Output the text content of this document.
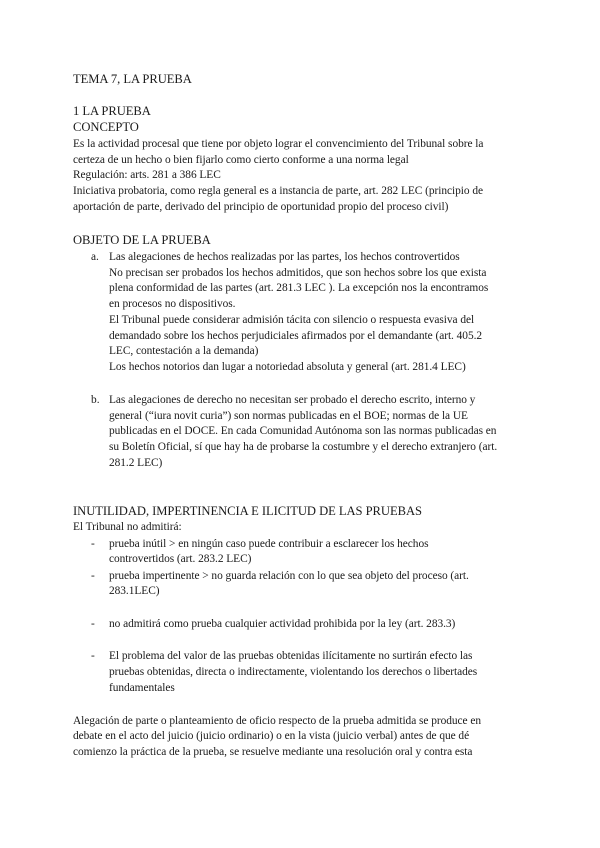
TEMA 7, LA PRUEBA
1 LA PRUEBA
CONCEPTO
Es la actividad procesal que tiene por objeto lograr el convencimiento del Tribunal sobre la
certeza de un hecho o bien fijarlo como cierto conforme a una norma legal
Regulación: arts. 281 a 386 LEC
Iniciativa probatoria, como regla general es a instancia de parte, art. 282 LEC (principio de
aportación de parte, derivado del principio de oportunidad propio del proceso civil)
OBJETO DE LA PRUEBA
a. Las alegaciones de hechos realizadas por las partes, los hechos controvertidos
No precisan ser probados los hechos admitidos, que son hechos sobre los que exista
plena conformidad de las partes (art. 281.3 LEC ). La excepción nos la encontramos
en procesos no dispositivos.
El Tribunal puede considerar admisión tácita con silencio o respuesta evasiva del
demandado sobre los hechos perjudiciales afirmados por el demandante (art. 405.2
LEC, contestación a la demanda)
Los hechos notorios dan lugar a notoriedad absoluta y general (art. 281.4 LEC)
b. Las alegaciones de derecho no necesitan ser probado el derecho escrito, interno y
general (“iura novit curia”) son normas publicadas en el BOE; normas de la UE
publicadas en el DOCE. En cada Comunidad Autónoma son las normas publicadas en
su Boletín Oficial, sí que hay ha de probarse la costumbre y el derecho extranjero (art.
281.2 LEC)
INUTILIDAD, IMPERTINENCIA E ILICITUD DE LAS PRUEBAS
El Tribunal no admitirá:
- prueba inútil > en ningún caso puede contribuir a esclarecer los hechos
controvertidos (art. 283.2 LEC)
- prueba impertinente > no guarda relación con lo que sea objeto del proceso (art.
283.1LEC)
- no admitirá como prueba cualquier actividad prohibida por la ley (art. 283.3)
- El problema del valor de las pruebas obtenidas ilícitamente no surtirán efecto las
pruebas obtenidas, directa o indirectamente, violentando los derechos o libertades
fundamentales
Alegación de parte o planteamiento de oficio respecto de la prueba admitida se produce en
debate en el acto del juicio (juicio ordinario) o en la vista (juicio verbal) antes de que dé
comienzo la práctica de la prueba, se resuelve mediante una resolución oral y contra esta
